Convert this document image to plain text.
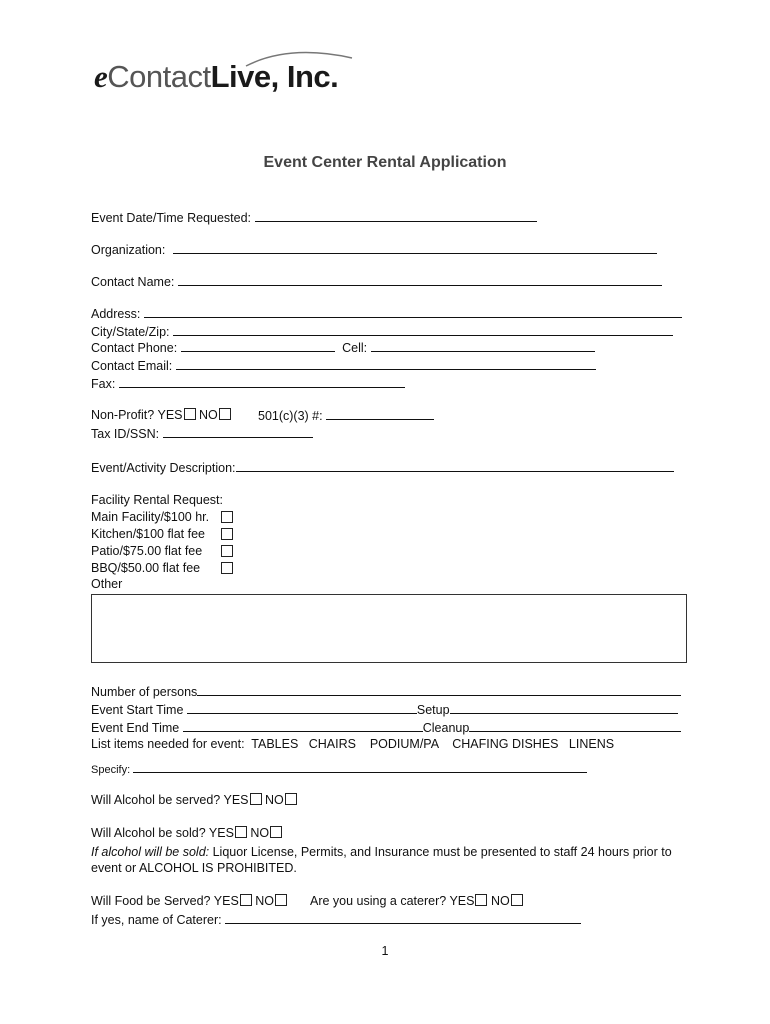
eContactLive, Inc.
Event Center Rental Application
Event Date/Time Requested:
Organization:
Contact Name:
Address:
City/State/Zip:
Contact Phone:	Cell:
Contact Email:
Fax:
Non-Profit? YES NO	501(c)(3) #:
Tax ID/SSN:
Event/Activity Description:
Facility Rental Request:
Main Facility/$100 hr.
Kitchen/$100 flat fee
Patio/$75.00 flat fee
BBQ/$50.00 flat fee
Other
Number of persons
Event Start Time	Setup
Event End Time	Cleanup
List items needed for event:  TABLES   CHAIRS    PODIUM/PA    CHAFING DISHES   LINENS
Specify:
Will Alcohol be served? YES NO
Will Alcohol be sold? YES NO
If alcohol will be sold: Liquor License, Permits, and Insurance must be presented to staff 24 hours prior to
event or ALCOHOL IS PROHIBITED.
Will Food be Served? YES NO	Are you using a caterer? YES NO
If yes, name of Caterer:
1
